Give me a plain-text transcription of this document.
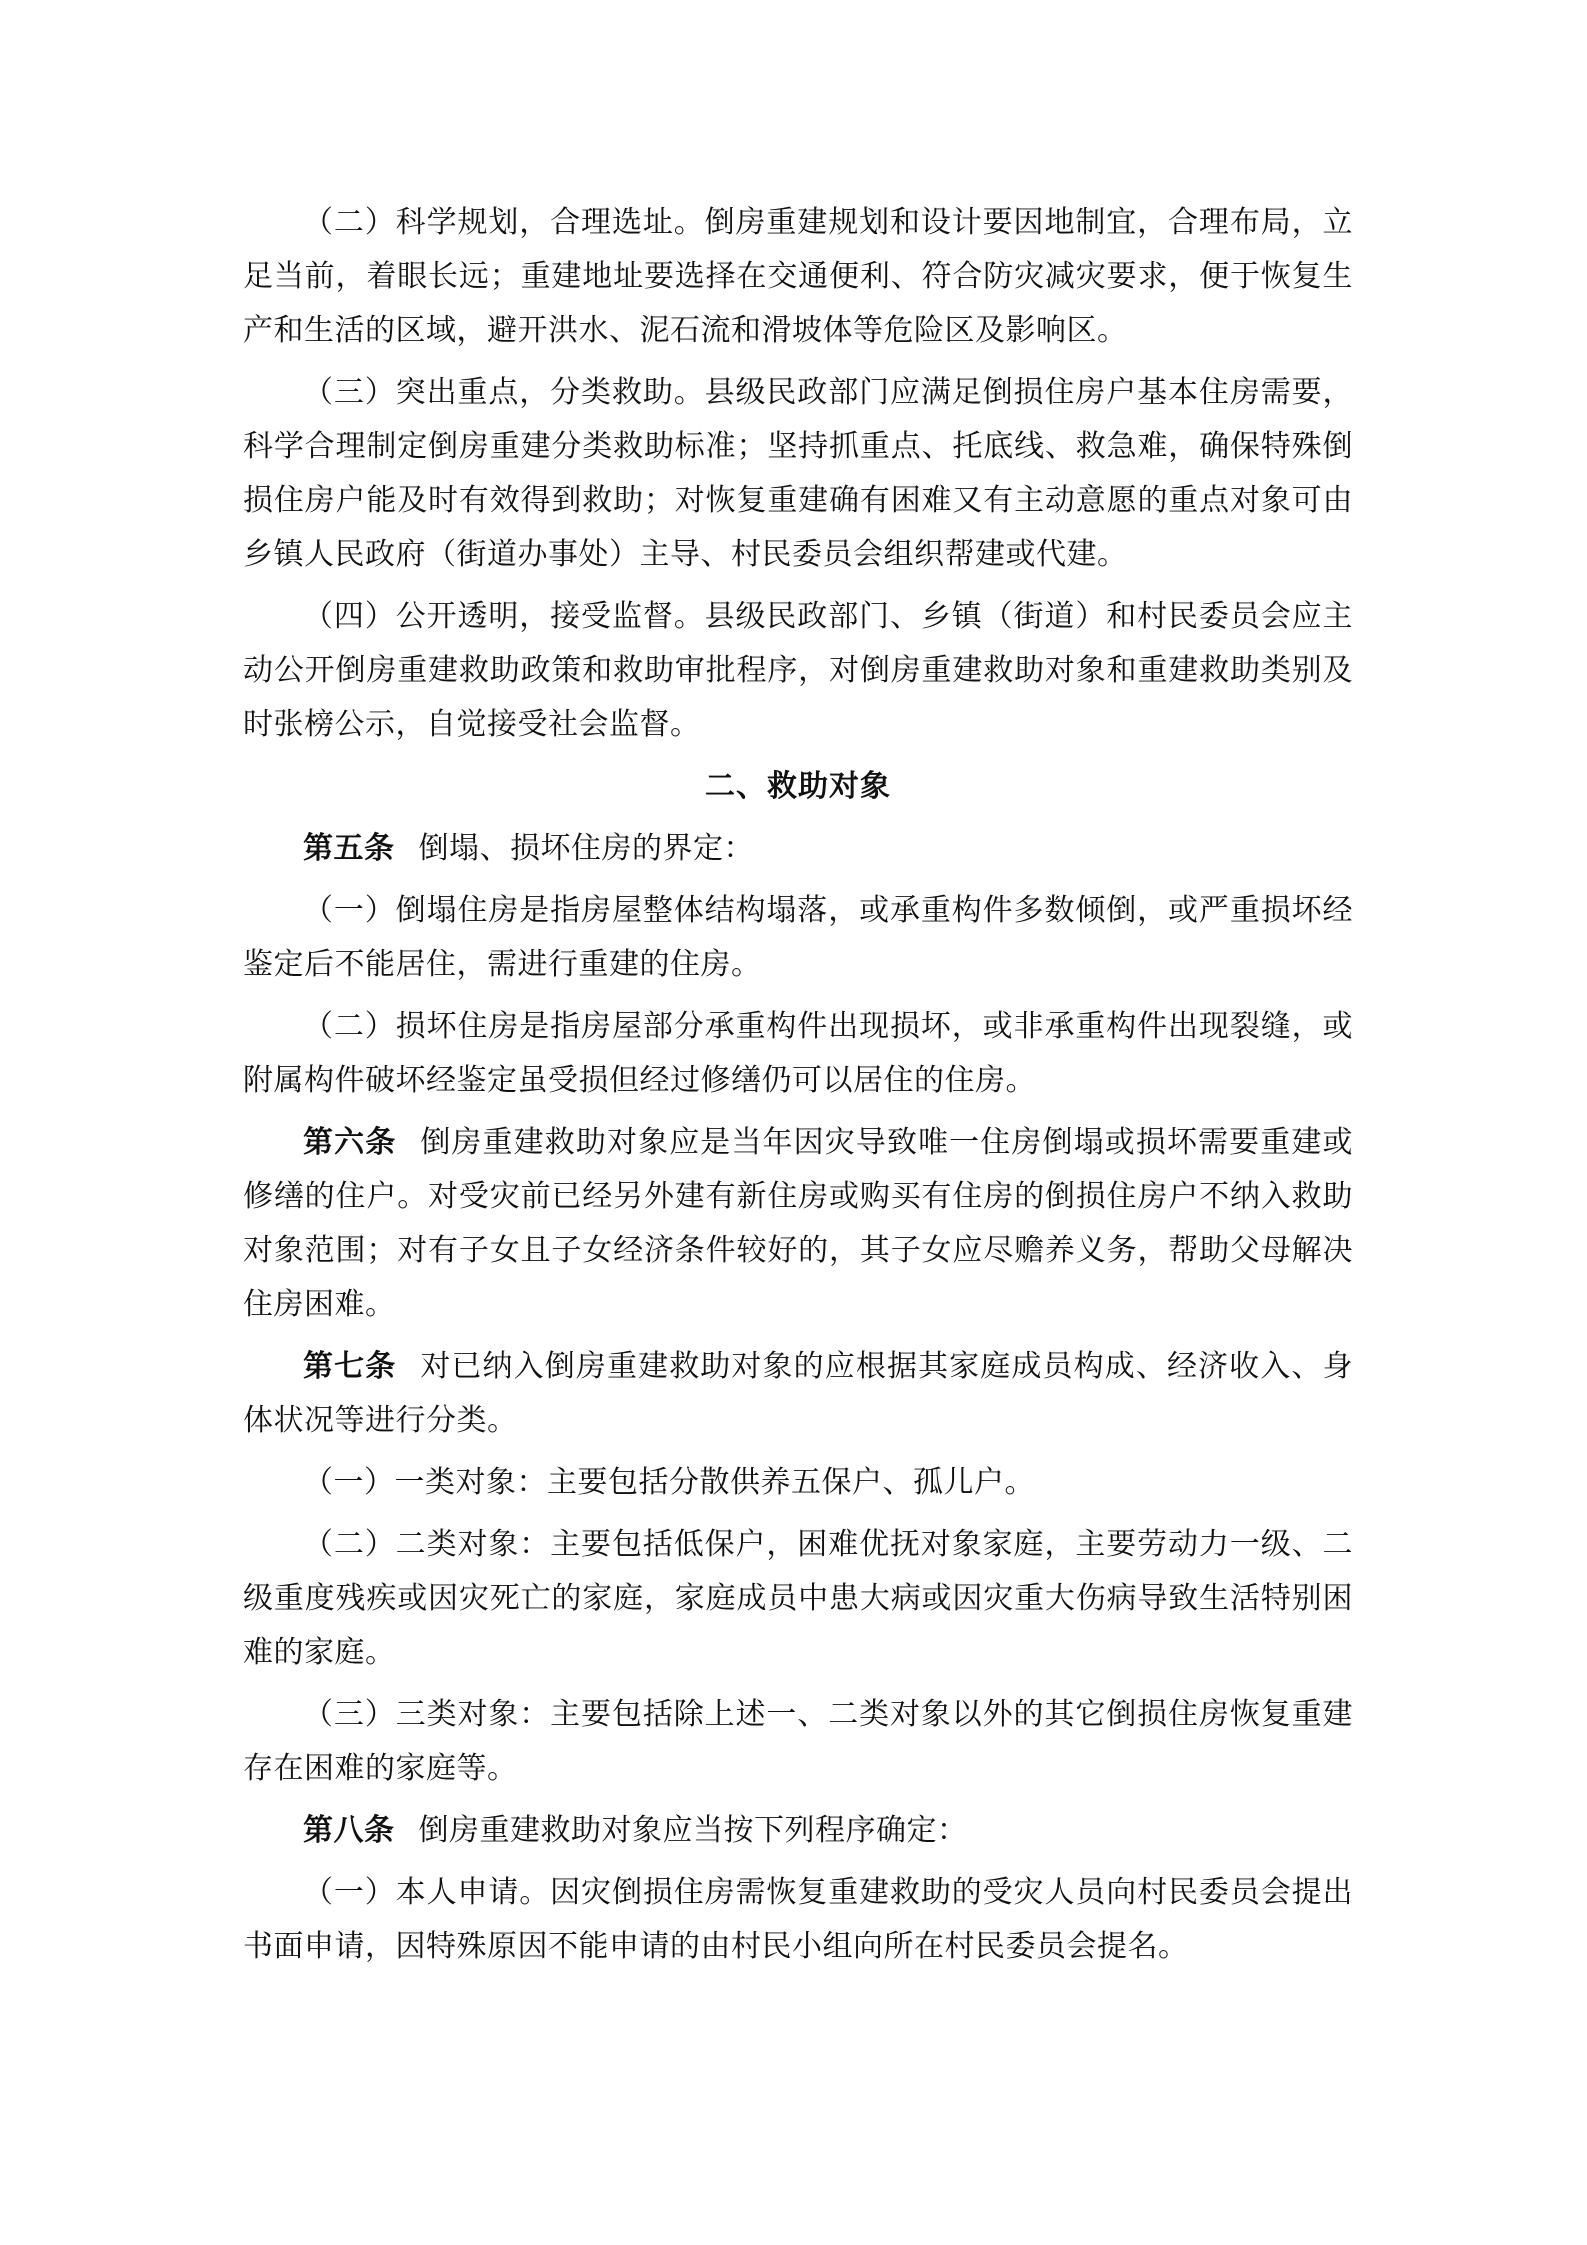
（二）科学规划，合理选址。倒房重建规划和设计要因地制宜，合理布局，立足当前，着眼长远；重建地址要选择在交通便利、符合防灾减灾要求，便于恢复生产和生活的区域，避开洪水、泥石流和滑坡体等危险区及影响区。

（三）突出重点，分类救助。县级民政部门应满足倒损住房户基本住房需要，科学合理制定倒房重建分类救助标准；坚持抓重点、托底线、救急难，确保特殊倒损住房户能及时有效得到救助；对恢复重建确有困难又有主动意愿的重点对象可由乡镇人民政府（街道办事处）主导、村民委员会组织帮建或代建。

（四）公开透明，接受监督。县级民政部门、乡镇（街道）和村民委员会应主动公开倒房重建救助政策和救助审批程序，对倒房重建救助对象和重建救助类别及时张榜公示，自觉接受社会监督。

二、救助对象

第五条 倒塌、损坏住房的界定：

（一）倒塌住房是指房屋整体结构塌落，或承重构件多数倾倒，或严重损坏经鉴定后不能居住，需进行重建的住房。

（二）损坏住房是指房屋部分承重构件出现损坏，或非承重构件出现裂缝，或附属构件破坏经鉴定虽受损但经过修缮仍可以居住的住房。

第六条 倒房重建救助对象应是当年因灾导致唯一住房倒塌或损坏需要重建或修缮的住户。对受灾前已经另外建有新住房或购买有住房的倒损住房户不纳入救助对象范围；对有子女且子女经济条件较好的，其子女应尽赡养义务，帮助父母解决住房困难。

第七条 对已纳入倒房重建救助对象的应根据其家庭成员构成、经济收入、身体状况等进行分类。

（一）一类对象：主要包括分散供养五保户、孤儿户。

（二）二类对象：主要包括低保户，困难优抚对象家庭，主要劳动力一级、二级重度残疾或因灾死亡的家庭，家庭成员中患大病或因灾重大伤病导致生活特别困难的家庭。

（三）三类对象：主要包括除上述一、二类对象以外的其它倒损住房恢复重建存在困难的家庭等。

第八条 倒房重建救助对象应当按下列程序确定：

（一）本人申请。因灾倒损住房需恢复重建救助的受灾人员向村民委员会提出书面申请，因特殊原因不能申请的由村民小组向所在村民委员会提名。
